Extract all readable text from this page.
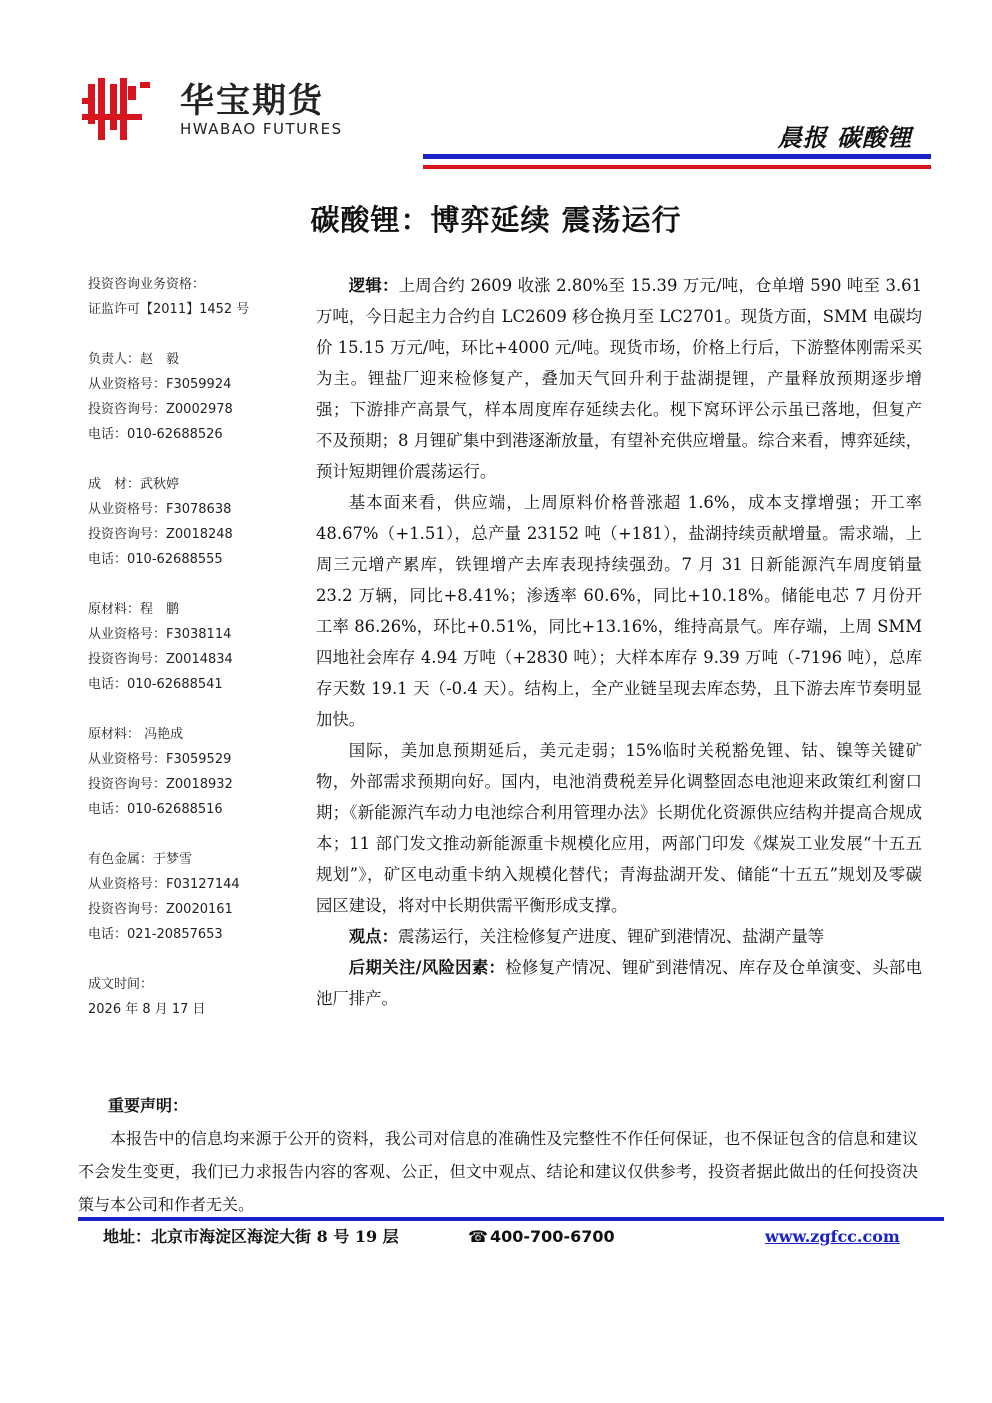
华宝期货
HWABAO FUTURES	晨报 碳酸锂
碳酸锂：博弈延续 震荡运行
投资咨询业务资格：
证监许可【2011】1452 号
负责人：赵　毅
从业资格号：F3059924
投资咨询号：Z0002978
电话：010-62688526
成　材：武秋婷
从业资格号：F3078638
投资咨询号：Z0018248
电话：010-62688555
原材料：程　鹏
从业资格号：F3038114
投资咨询号：Z0014834
电话：010-62688541
原材料： 冯艳成
从业资格号：F3059529
投资咨询号：Z0018932
电话：010-62688516
有色金属：于梦雪
从业资格号：F03127144
投资咨询号：Z0020161
电话：021-20857653
成文时间：
2026 年 8 月 17 日

逻辑：上周合约 2609 收涨 2.80%至 15.39 万元/吨，仓单增 590 吨至 3.61 万吨，今日起主力合约自 LC2609 移仓换月至 LC2701。现货方面，SMM 电碳均价 15.15 万元/吨，环比+4000 元/吨。现货市场，价格上行后，下游整体刚需采买为主。锂盐厂迎来检修复产，叠加天气回升利于盐湖提锂，产量释放预期逐步增强；下游排产高景气，样本周度库存延续去化。枧下窝环评公示虽已落地，但复产不及预期；8 月锂矿集中到港逐渐放量，有望补充供应增量。综合来看，博弈延续，预计短期锂价震荡运行。

基本面来看，供应端，上周原料价格普涨超 1.6%，成本支撑增强；开工率 48.67%（+1.51），总产量 23152 吨（+181），盐湖持续贡献增量。需求端，上周三元增产累库，铁锂增产去库表现持续强劲。7 月 31 日新能源汽车周度销量 23.2 万辆，同比+8.41%；渗透率 60.6%，同比+10.18%。储能电芯 7 月份开工率 86.26%，环比+0.51%，同比+13.16%，维持高景气。库存端，上周 SMM 四地社会库存 4.94 万吨（+2830 吨）；大样本库存 9.39 万吨（-7196 吨），总库存天数 19.1 天（-0.4 天）。结构上，全产业链呈现去库态势，且下游去库节奏明显加快。

国际，美加息预期延后，美元走弱；15%临时关税豁免锂、钴、镍等关键矿物，外部需求预期向好。国内，电池消费税差异化调整固态电池迎来政策红利窗口期；《新能源汽车动力电池综合利用管理办法》长期优化资源供应结构并提高合规成本；11 部门发文推动新能源重卡规模化应用，两部门印发《煤炭工业发展“十五五规划”》，矿区电动重卡纳入规模化替代；青海盐湖开发、储能“十五五”规划及零碳园区建设，将对中长期供需平衡形成支撑。

观点：震荡运行，关注检修复产进度、锂矿到港情况、盐湖产量等

后期关注/风险因素：检修复产情况、锂矿到港情况、库存及仓单演变、头部电池厂排产。

重要声明：
本报告中的信息均来源于公开的资料，我公司对信息的准确性及完整性不作任何保证，也不保证包含的信息和建议不会发生变更，我们已力求报告内容的客观、公正，但文中观点、结论和建议仅供参考，投资者据此做出的任何投资决策与本公司和作者无关。
地址：北京市海淀区海淀大街 8 号 19 层	☎ 400-700-6700	www.zgfcc.com
